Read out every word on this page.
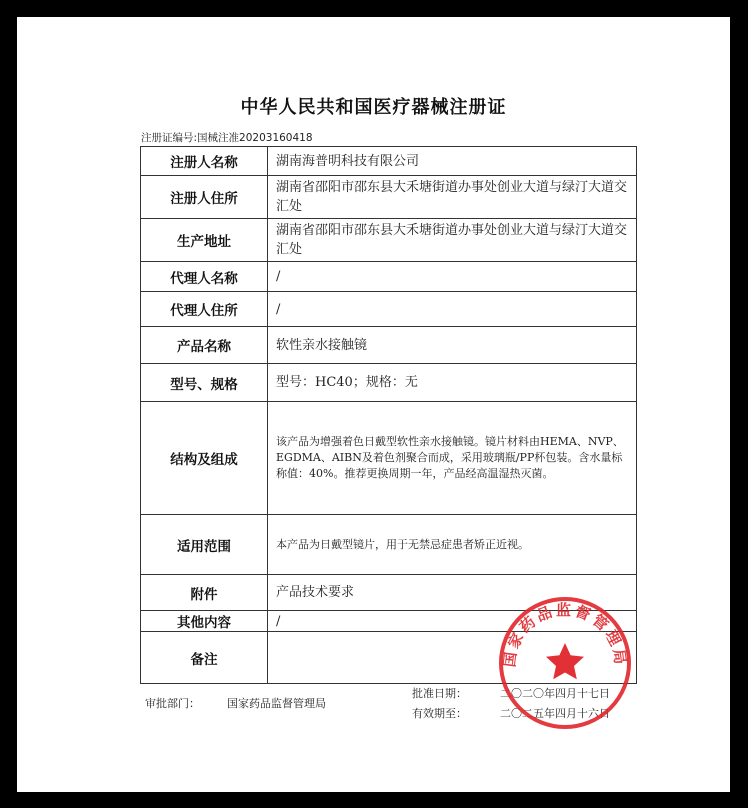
中华人民共和国医疗器械注册证
注册证编号:国械注准20203160418
注册人名称	湖南海普明科技有限公司
注册人住所	湖南省邵阳市邵东县大禾塘街道办事处创业大道与绿汀大道交汇处
生产地址	湖南省邵阳市邵东县大禾塘街道办事处创业大道与绿汀大道交汇处
代理人名称	/
代理人住所	/
产品名称	软性亲水接触镜
型号、规格	型号：HC40；规格：无
结构及组成	该产品为增强着色日戴型软性亲水接触镜。镜片材料由HEMA、NVP、EGDMA、AIBN及着色剂聚合而成，采用玻璃瓶/PP杯包装。含水量标称值：40%。推荐更换周期一年，产品经高温湿热灭菌。
适用范围	本产品为日戴型镜片，用于无禁忌症患者矫正近视。
附件	产品技术要求
其他内容	/
备注	
审批部门： 国家药品监督管理局
批准日期：	二〇二〇年四月十七日
有效期至：	二〇二五年四月十六日
国家药品监督管理局
